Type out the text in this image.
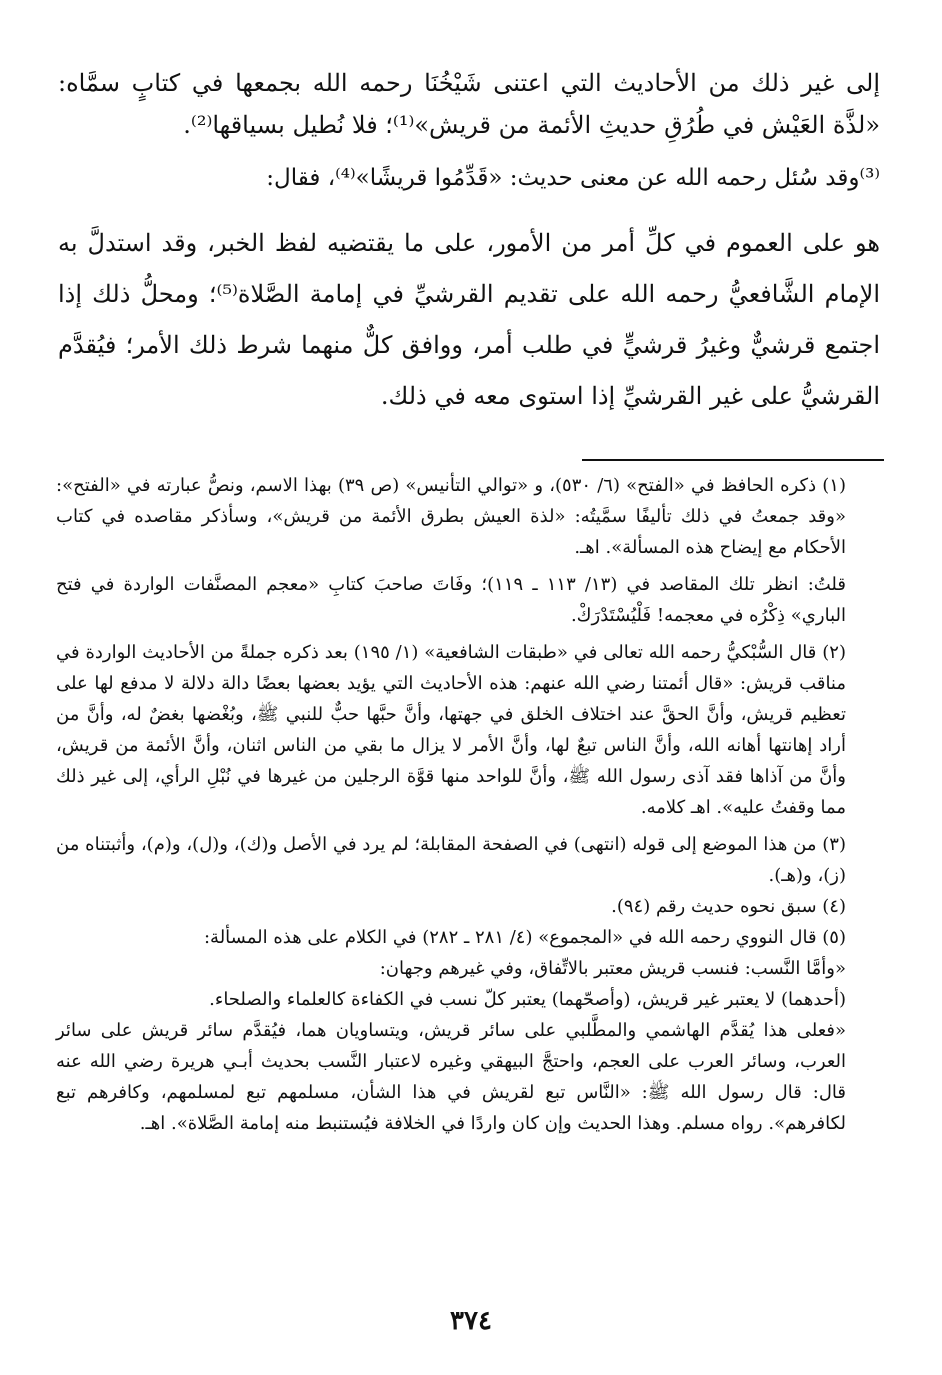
إلى غير ذلك من الأحاديث التي اعتنى شَيْخُنَا رحمه الله بجمعها في كتابٍ سمَّاه: «لذَّة العَيْش في طُرُقِ حديثِ الأئمة من قريش»⁽¹⁾؛ فلا نُطيل بسياقها⁽²⁾.

⁽³⁾وقد سُئل رحمه الله عن معنى حديث: «قَدِّمُوا قريشًا»⁽⁴⁾، فقال:

هو على العموم في كلِّ أمر من الأمور، على ما يقتضيه لفظ الخبر، وقد استدلَّ به الإمام الشَّافعيُّ رحمه الله على تقديم القرشيِّ في إمامة الصَّلاة⁽⁵⁾؛ ومحلُّ ذلك إذا اجتمع قرشيٌّ وغيرُ قرشيٍّ في طلب أمر، ووافق كلٌّ منهما شرط ذلك الأمر؛ فيُقدَّم القرشيُّ على غير القرشيِّ إذا استوى معه في ذلك.

(١) ذكره الحافظ في «الفتح» (٦/ ٥٣٠)، و «توالي التأنيس» (ص ٣٩) بهذا الاسم، ونصُّ عبارته في «الفتح»: «وقد جمعتُ في ذلك تأليفًا سمَّيتُه: «لذة العيش بطرق الأئمة من قريش»، وسأذكر مقاصده في كتاب الأحكام مع إيضاح هذه المسألة». اهـ.

قلتُ: انظر تلك المقاصد في (١٣/ ١١٣ ـ ١١٩)؛ وفَاتَ صاحبَ كتابِ «معجم المصنَّفات الواردة في فتح الباري» ذِكْرُه في معجمه! فَلْيُسْتَدْرَكْ.

(٢) قال السُّبْكيُّ رحمه الله تعالى في «طبقات الشافعية» (١/ ١٩٥) بعد ذكره جملةً من الأحاديث الواردة في مناقب قريش: «قال أئمتنا رضي الله عنهم: هذه الأحاديث التي يؤيد بعضها بعضًا دالة دلالة لا مدفع لها على تعظيم قريش، وأنَّ الحقَّ عند اختلاف الخلق في جهتها، وأنَّ حبَّها حبٌّ للنبي ﷺ، وبُغْضها بغضٌ له، وأنَّ من أراد إهانتها أهانه الله، وأنَّ الناس تبعٌ لها، وأنَّ الأمر لا يزال ما بقي من الناس اثنان، وأنَّ الأئمة من قريش، وأنَّ من آذاها فقد آذى رسول الله ﷺ، وأنَّ للواحد منها قوَّة الرجلين من غيرها في نُبْلِ الرأي، إلى غير ذلك مما وقفتُ عليه». اهـ كلامه.

(٣) من هذا الموضع إلى قوله (انتهى) في الصفحة المقابلة؛ لم يرد في الأصل و(ك)، و(ل)، و(م)، وأثبتناه من (ز)، و(هـ).

(٤) سبق نحوه حديث رقم (٩٤).

(٥) قال النووي رحمه الله في «المجموع» (٤/ ٢٨١ ـ ٢٨٢) في الكلام على هذه المسألة:

«وأمَّا النَّسب: فنسب قريش معتبر بالاتِّفاق، وفي غيرهم وجهان:

(أحدهما) لا يعتبر غير قريش، (وأصحّهما) يعتبر كلّ نسب في الكفاءة كالعلماء والصلحاء.

«فعلى هذا يُقدَّم الهاشمي والمطَّلبي على سائر قريش، ويتساويان هما، فيُقدَّم سائر قريش على سائر العرب، وسائر العرب على العجم، واحتجَّ البيهقي وغيره لاعتبار النَّسب بحديث أبـي هريرة رضي الله عنه قال: قال رسول الله ﷺ: «النَّاس تبع لقريش في هذا الشأن، مسلمهم تبع لمسلمهم، وكافرهم تبع لكافرهم». رواه مسلم. وهذا الحديث وإن كان واردًا في الخلافة فيُستنبط منه إمامة الصَّلاة». اهـ.

٣٧٤
